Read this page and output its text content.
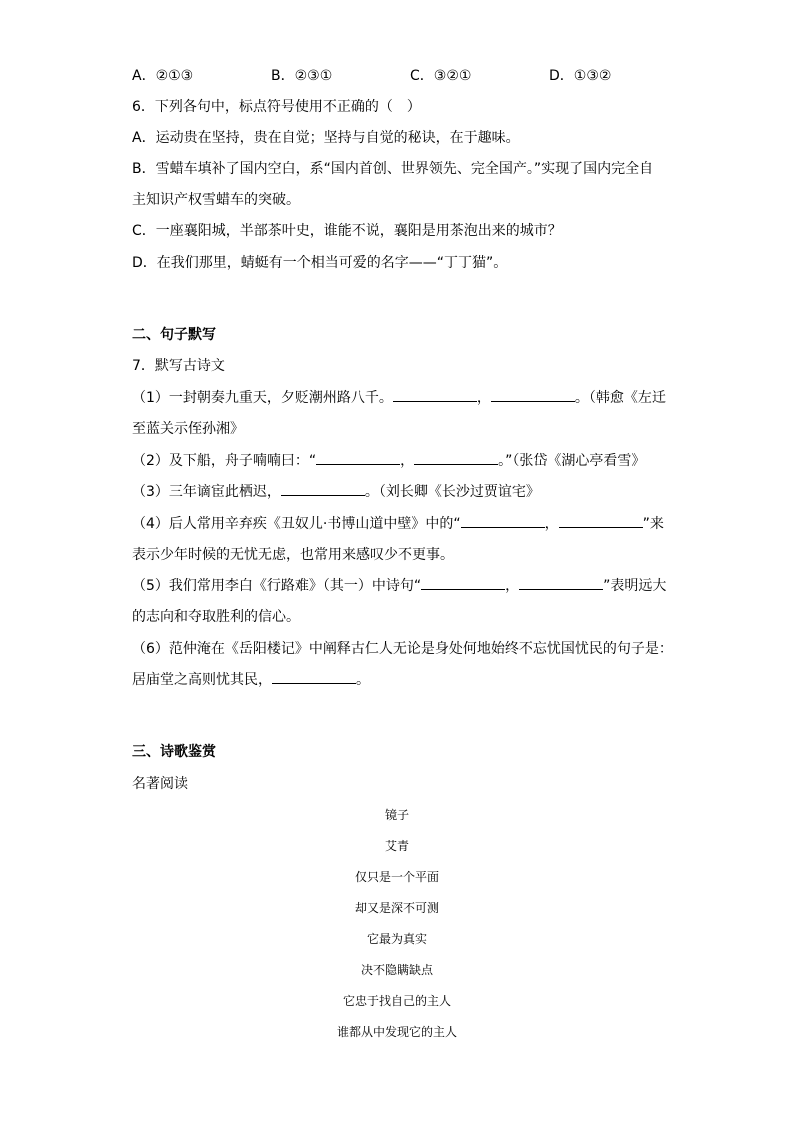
A．②①③	B．②③①	C．③②①	D．①③②
6．下列各句中，标点符号使用不正确的（　）
A．运动贵在坚持，贵在自觉；坚持与自觉的秘诀，在于趣味。
B．雪蜡车填补了国内空白，系“国内首创、世界领先、完全国产。”实现了国内完全自
主知识产权雪蜡车的突破。
C．一座襄阳城，半部茶叶史，谁能不说，襄阳是用茶泡出来的城市？
D．在我们那里，蜻蜓有一个相当可爱的名字——“丁丁猫”。
二、句子默写
7．默写古诗文
（1）一封朝奏九重天，夕贬潮州路八千。	，	。（韩愈《左迁
至蓝关示侄孙湘》
（2）及下船，舟子喃喃曰：“	，	。”（张岱《湖心亭看雪》
（3）三年谪宦此栖迟，	。（刘长卿《长沙过贾谊宅》
（4）后人常用辛弃疾《丑奴儿·书博山道中壁》中的“	，	”来
表示少年时候的无忧无虑，也常用来感叹少不更事。
（5）我们常用李白《行路难》（其一）中诗句“	，	”表明远大
的志向和夺取胜利的信心。
（6）范仲淹在《岳阳楼记》中阐释古仁人无论是身处何地始终不忘忧国忧民的句子是：
居庙堂之高则忧其民，	。
三、诗歌鉴赏
名著阅读
镜子
艾青
仅只是一个平面
却又是深不可测
它最为真实
决不隐瞒缺点
它忠于找自己的主人
谁都从中发现它的主人
